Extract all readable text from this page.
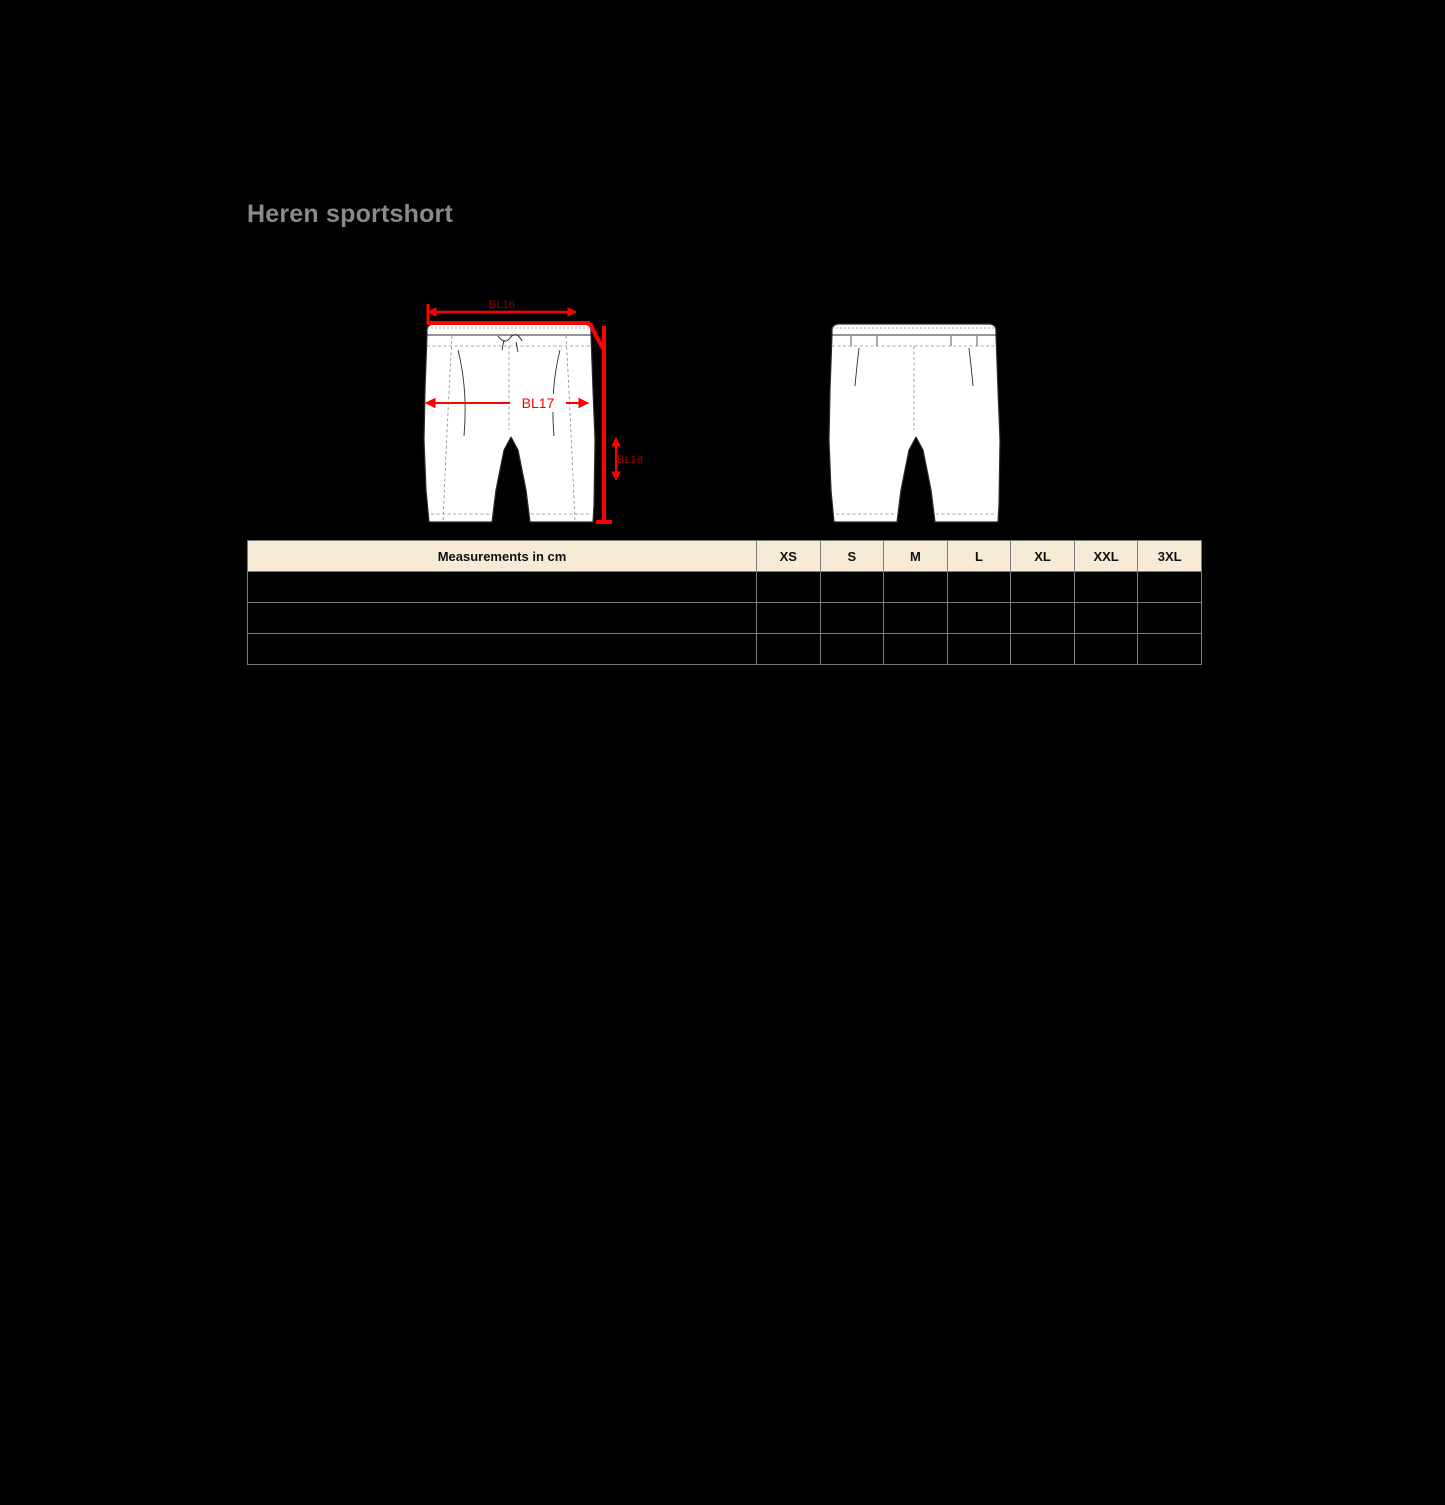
Heren sportshort
BL16
BL17
BL18
Measurements in cm	XS	S	M	L	XL	XXL	3XL
